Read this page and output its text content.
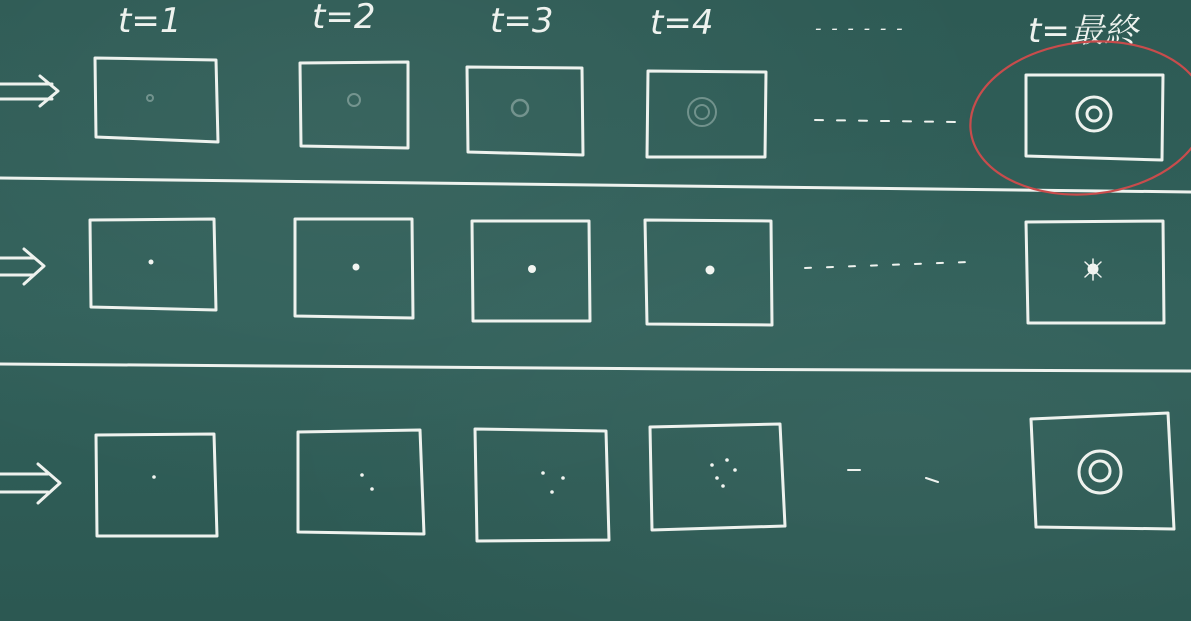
t=1	t=2	t=3	t=4	- - - - - -	t=最終
